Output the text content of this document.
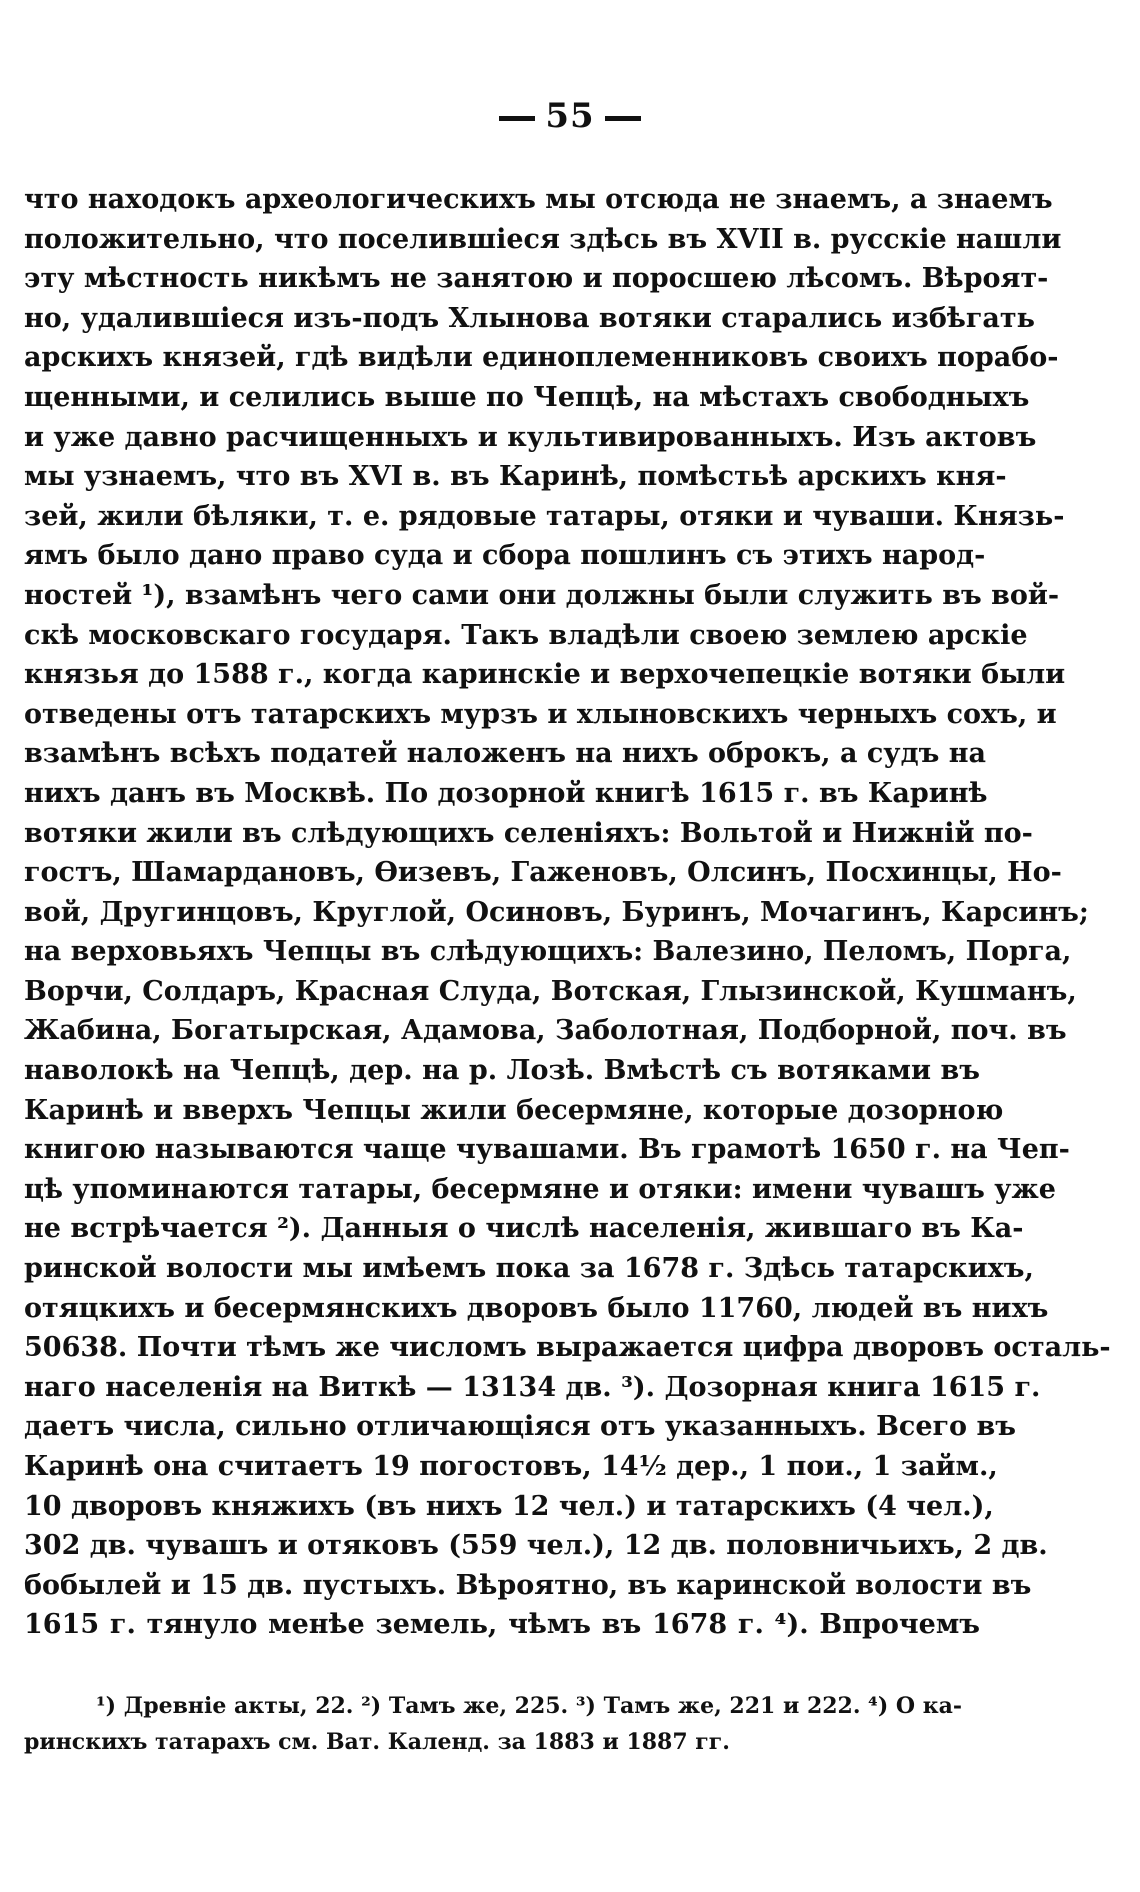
55
что находокъ археологическихъ мы отсюда не знаемъ, а знаемъ
положительно, что поселившіеся здѣсь въ XVII в. русскіе нашли
эту мѣстность никѣмъ не занятою и поросшею лѣсомъ. Вѣроят-
но, удалившіеся изъ-подъ Хлынова вотяки старались избѣгать
арскихъ князей, гдѣ видѣли единоплеменниковъ своихъ порабо-
щенными, и селились выше по Чепцѣ, на мѣстахъ свободныхъ
и уже давно расчищенныхъ и культивированныхъ. Изъ актовъ
мы узнаемъ, что въ XVI в. въ Каринѣ, помѣстьѣ арскихъ кня-
зей, жили бѣляки, т. е. рядовые татары, отяки и чуваши. Князь-
ямъ было дано право суда и сбора пошлинъ съ этихъ народ-
ностей ¹), взамѣнъ чего сами они должны были служить въ вой-
скѣ московскаго государя. Такъ владѣли своею землею арскіе
князья до 1588 г., когда каринскіе и верхочепецкіе вотяки были
отведены отъ татарскихъ мурзъ и хлыновскихъ черныхъ сохъ, и
взамѣнъ всѣхъ податей наложенъ на нихъ оброкъ, а судъ на
нихъ данъ въ Москвѣ. По дозорной книгѣ 1615 г. въ Каринѣ
вотяки жили въ слѣдующихъ селеніяхъ: Вольтой и Нижній по-
гостъ, Шамардановъ, Өизевъ, Гаженовъ, Олсинъ, Посхинцы, Но-
вой, Другинцовъ, Круглой, Осиновъ, Буринъ, Мочагинъ, Карсинъ;
на верховьяхъ Чепцы въ слѣдующихъ: Валезино, Пеломъ, Порга,
Ворчи, Солдаръ, Красная Слуда, Вотская, Глызинской, Кушманъ,
Жабина, Богатырская, Адамова, Заболотная, Подборной, поч. въ
наволокѣ на Чепцѣ, дер. на р. Лозѣ. Вмѣстѣ съ вотяками въ
Каринѣ и вверхъ Чепцы жили бесермяне, которые дозорною
книгою называются чаще чувашами. Въ грамотѣ 1650 г. на Чеп-
цѣ упоминаются татары, бесермяне и отяки: имени чувашъ уже
не встрѣчается ²). Данныя о числѣ населенія, жившаго въ Ка-
ринской волости мы имѣемъ пока за 1678 г. Здѣсь татарскихъ,
отяцкихъ и бесермянскихъ дворовъ было 11760, людей въ нихъ
50638. Почти тѣмъ же числомъ выражается цифра дворовъ осталь-
наго населенія на Виткѣ — 13134 дв. ³). Дозорная книга 1615 г.
даетъ числа, сильно отличающіяся отъ указанныхъ. Всего въ
Каринѣ она считаетъ 19 погостовъ, 14½ дер., 1 пои., 1 займ.,
10 дворовъ княжихъ (въ нихъ 12 чел.) и татарскихъ (4 чел.),
302 дв. чувашъ и отяковъ (559 чел.), 12 дв. половничьихъ, 2 дв.
бобылей и 15 дв. пустыхъ. Вѣроятно, въ каринской волости въ
1615 г. тянуло менѣе земель, чѣмъ въ 1678 г. ⁴). Впрочемъ
¹) Древніе акты, 22. ²) Тамъ же, 225. ³) Тамъ же, 221 и 222. ⁴) О ка-
ринскихъ татарахъ см. Ват. Календ. за 1883 и 1887 гг.
